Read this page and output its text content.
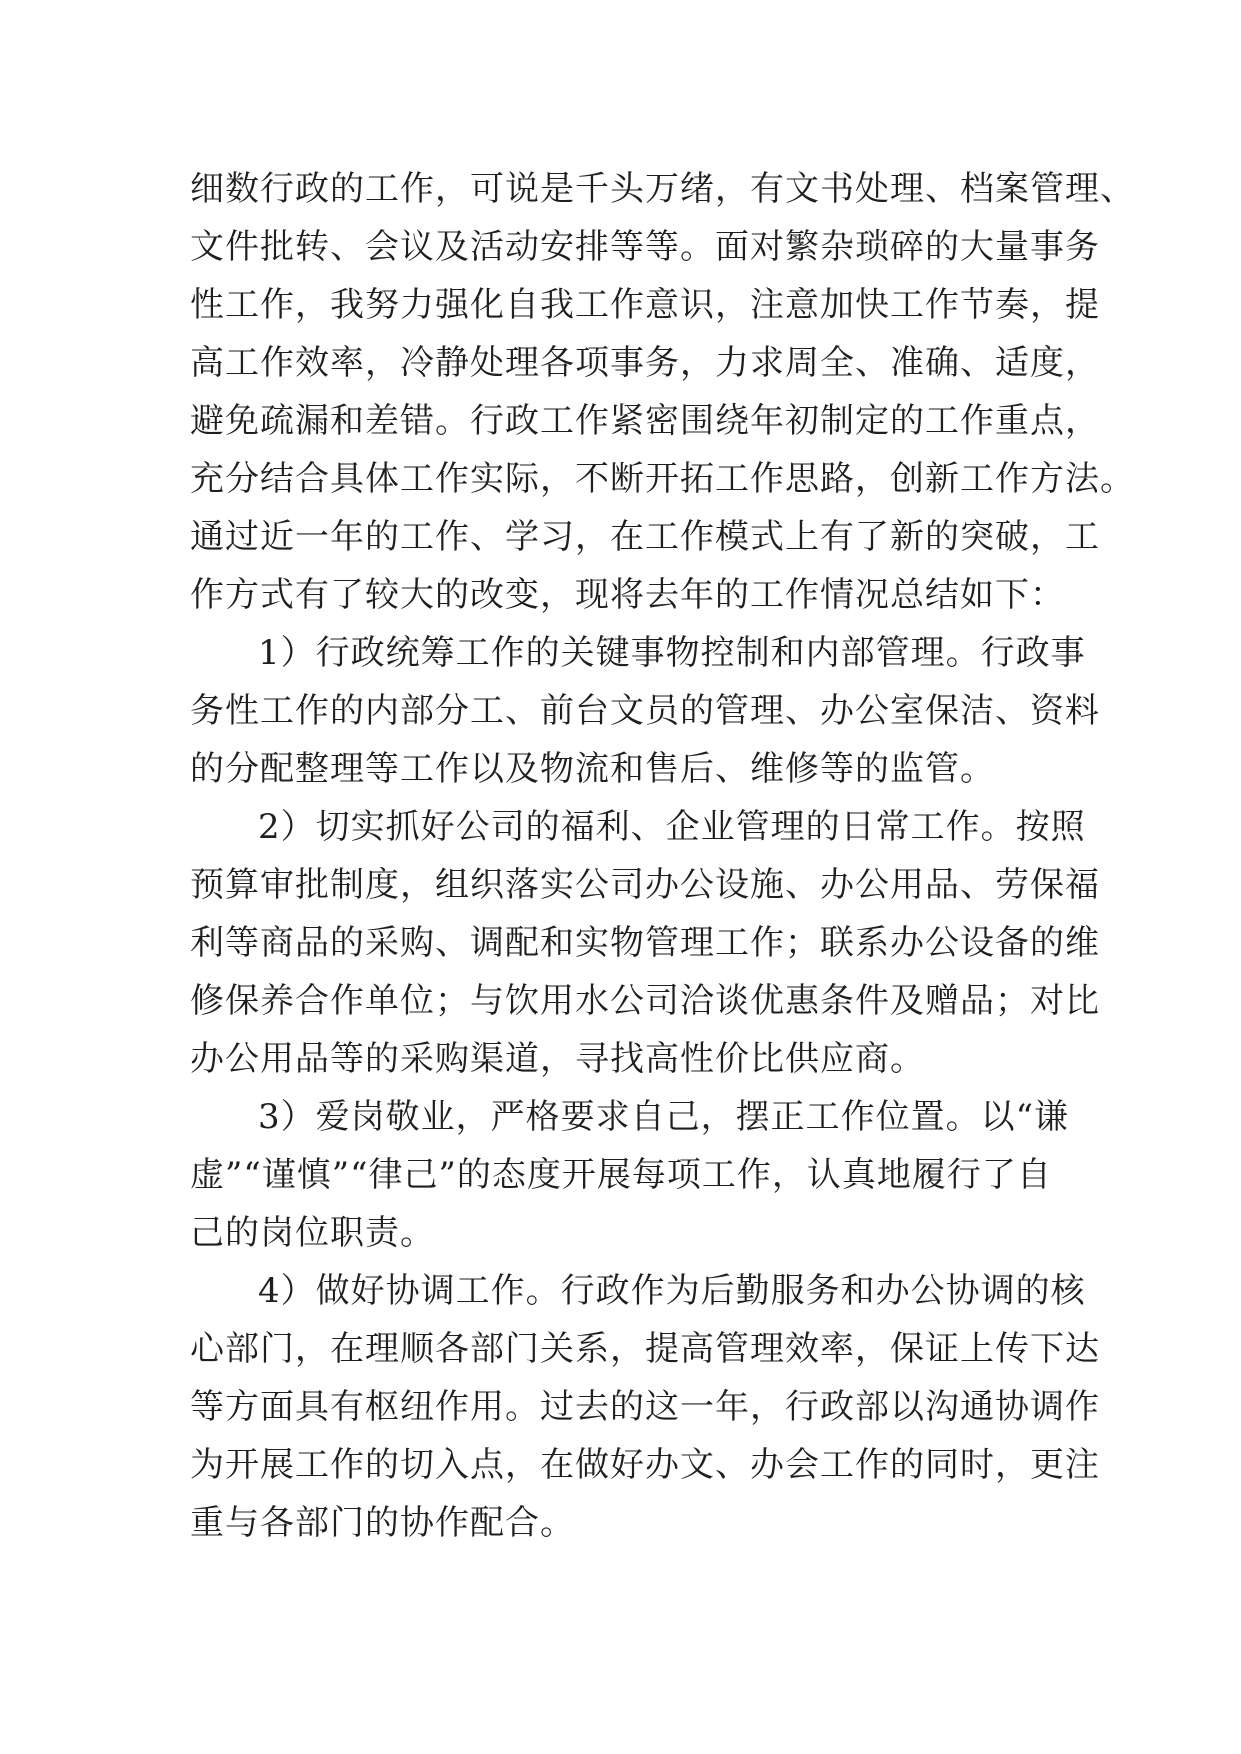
细数行政的工作，可说是千头万绪，有文书处理、档案管理、
文件批转、会议及活动安排等等。面对繁杂琐碎的大量事务
性工作，我努力强化自我工作意识，注意加快工作节奏，提
高工作效率，冷静处理各项事务，力求周全、准确、适度，
避免疏漏和差错。行政工作紧密围绕年初制定的工作重点，
充分结合具体工作实际，不断开拓工作思路，创新工作方法。
通过近一年的工作、学习，在工作模式上有了新的突破，工
作方式有了较大的改变，现将去年的工作情况总结如下：
1）行政统筹工作的关键事物控制和内部管理。行政事
务性工作的内部分工、前台文员的管理、办公室保洁、资料
的分配整理等工作以及物流和售后、维修等的监管。
2）切实抓好公司的福利、企业管理的日常工作。按照
预算审批制度，组织落实公司办公设施、办公用品、劳保福
利等商品的采购、调配和实物管理工作；联系办公设备的维
修保养合作单位；与饮用水公司洽谈优惠条件及赠品；对比
办公用品等的采购渠道，寻找高性价比供应商。
3）爱岗敬业，严格要求自己，摆正工作位置。以“谦
虚”“谨慎”“律己”的态度开展每项工作，认真地履行了自
己的岗位职责。
4）做好协调工作。行政作为后勤服务和办公协调的核
心部门，在理顺各部门关系，提高管理效率，保证上传下达
等方面具有枢纽作用。过去的这一年，行政部以沟通协调作
为开展工作的切入点，在做好办文、办会工作的同时，更注
重与各部门的协作配合。
